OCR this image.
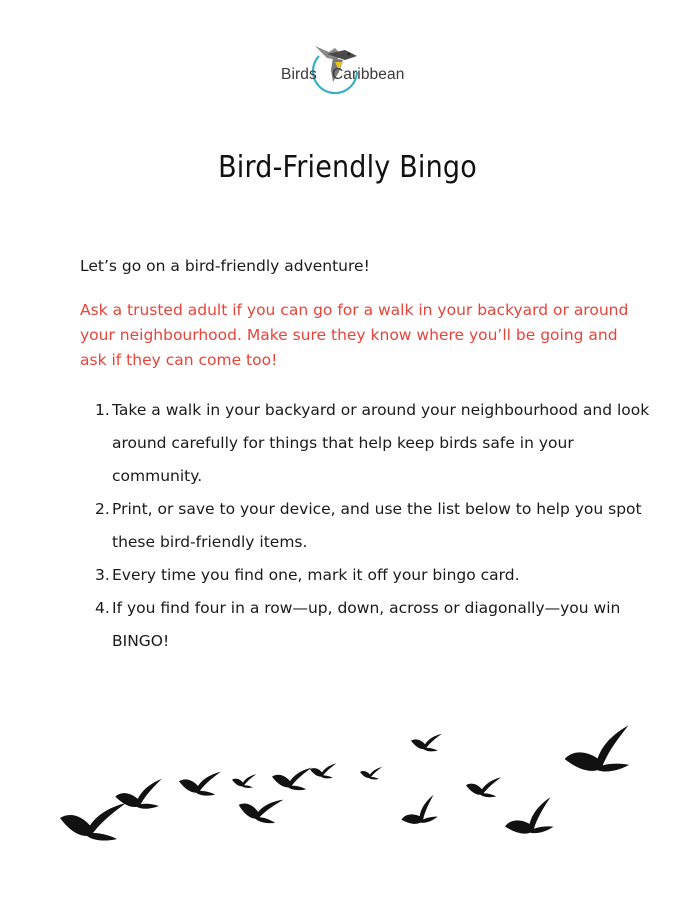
Birds Caribbean
Bird-Friendly Bingo

Let’s go on a bird-friendly adventure!

Ask a trusted adult if you can go for a walk in your backyard or around your neighbourhood. Make sure they know where you’ll be going and ask if they can come too!

1. Take a walk in your backyard or around your neighbourhood and look around carefully for things that help keep birds safe in your community.
2. Print, or save to your device, and use the list below to help you spot these bird-friendly items.
3. Every time you find one, mark it off your bingo card.
4. If you find four in a row—up, down, across or diagonally—you win BINGO!
